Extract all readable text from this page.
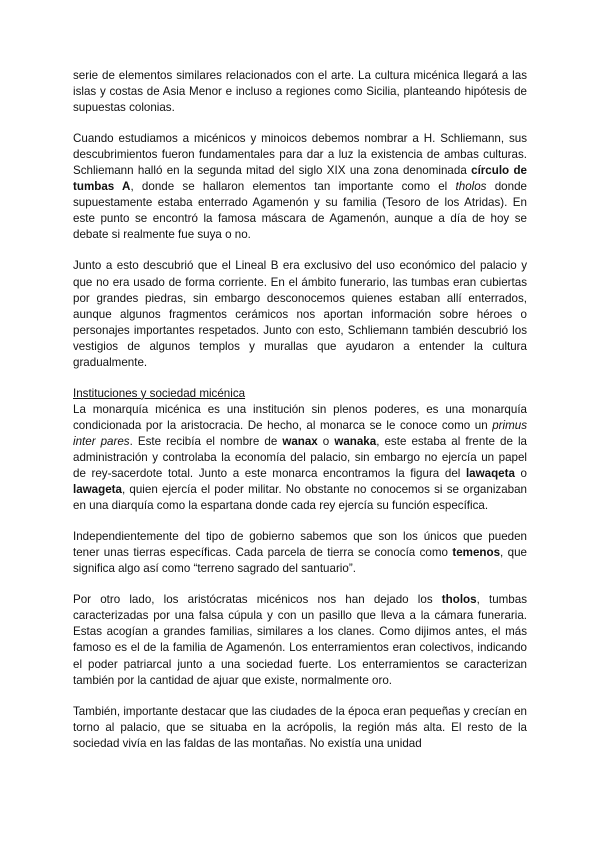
serie de elementos similares relacionados con el arte. La cultura micénica llegará a las islas y costas de Asia Menor e incluso a regiones como Sicilia, planteando hipótesis de supuestas colonias.

Cuando estudiamos a micénicos y minoicos debemos nombrar a H. Schliemann, sus descubrimientos fueron fundamentales para dar a luz la existencia de ambas culturas. Schliemann halló en la segunda mitad del siglo XIX una zona denominada círculo de tumbas A, donde se hallaron elementos tan importante como el tholos donde supuestamente estaba enterrado Agamenón y su familia (Tesoro de los Atridas). En este punto se encontró la famosa máscara de Agamenón, aunque a día de hoy se debate si realmente fue suya o no.

Junto a esto descubrió que el Lineal B era exclusivo del uso económico del palacio y que no era usado de forma corriente. En el ámbito funerario, las tumbas eran cubiertas por grandes piedras, sin embargo desconocemos quienes estaban allí enterrados, aunque algunos fragmentos cerámicos nos aportan información sobre héroes o personajes importantes respetados. Junto con esto, Schliemann también descubrió los vestigios de algunos templos y murallas que ayudaron a entender la cultura gradualmente.

Instituciones y sociedad micénica

La monarquía micénica es una institución sin plenos poderes, es una monarquía condicionada por la aristocracia. De hecho, al monarca se le conoce como un primus inter pares. Este recibía el nombre de wanax o wanaka, este estaba al frente de la administración y controlaba la economía del palacio, sin embargo no ejercía un papel de rey-sacerdote total. Junto a este monarca encontramos la figura del lawaqeta o lawageta, quien ejercía el poder militar. No obstante no conocemos si se organizaban en una diarquía como la espartana donde cada rey ejercía su función específica.

Independientemente del tipo de gobierno sabemos que son los únicos que pueden tener unas tierras específicas. Cada parcela de tierra se conocía como temenos, que significa algo así como “terreno sagrado del santuario”.

Por otro lado, los aristócratas micénicos nos han dejado los tholos, tumbas caracterizadas por una falsa cúpula y con un pasillo que lleva a la cámara funeraria. Estas acogían a grandes familias, similares a los clanes. Como dijimos antes, el más famoso es el de la familia de Agamenón. Los enterramientos eran colectivos, indicando el poder patriarcal junto a una sociedad fuerte. Los enterramientos se caracterizan también por la cantidad de ajuar que existe, normalmente oro.

También, importante destacar que las ciudades de la época eran pequeñas y crecían en torno al palacio, que se situaba en la acrópolis, la región más alta. El resto de la sociedad vivía en las faldas de las montañas. No existía una unidad
